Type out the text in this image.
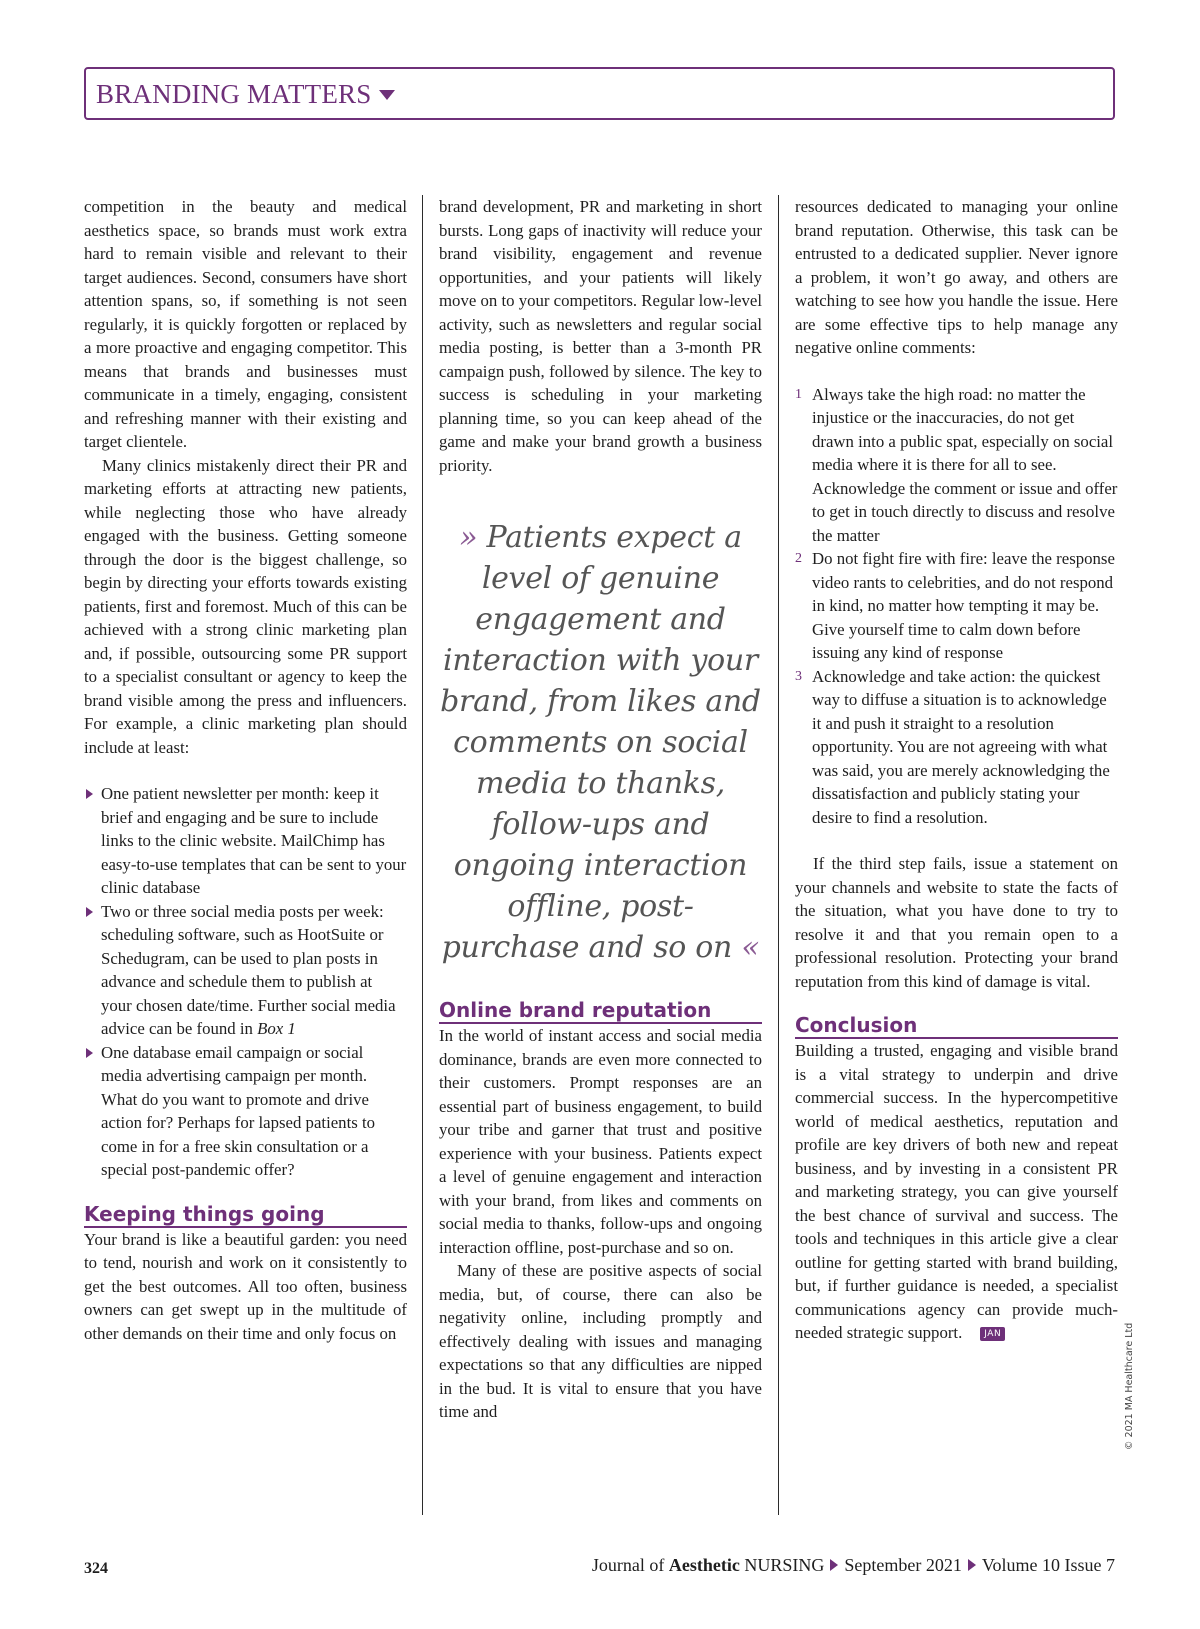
BRANDING MATTERS

competition in the beauty and medical aesthetics space, so brands must work extra hard to remain visible and relevant to their target audiences. Second, consumers have short attention spans, so, if something is not seen regularly, it is quickly forgotten or replaced by a more proactive and engaging competitor. This means that brands and businesses must communicate in a timely, engaging, consistent and refreshing manner with their existing and target clientele.

Many clinics mistakenly direct their PR and marketing efforts at attracting new patients, while neglecting those who have already engaged with the business. Getting someone through the door is the biggest challenge, so begin by directing your efforts towards existing patients, first and foremost. Much of this can be achieved with a strong clinic marketing plan and, if possible, outsourcing some PR support to a specialist consultant or agency to keep the brand visible among the press and influencers. For example, a clinic marketing plan should include at least:

One patient newsletter per month: keep it brief and engaging and be sure to include links to the clinic website. MailChimp has easy-to-use templates that can be sent to your clinic database
Two or three social media posts per week: scheduling software, such as HootSuite or Schedugram, can be used to plan posts in advance and schedule them to publish at your chosen date/time. Further social media advice can be found in Box 1
One database email campaign or social media advertising campaign per month. What do you want to promote and drive action for? Perhaps for lapsed patients to come in for a free skin consultation or a special post-pandemic offer?
Keeping things going

Your brand is like a beautiful garden: you need to tend, nourish and work on it consistently to get the best outcomes. All too often, business owners can get swept up in the multitude of other demands on their time and only focus on

brand development, PR and marketing in short bursts. Long gaps of inactivity will reduce your brand visibility, engagement and revenue opportunities, and your patients will likely move on to your competitors. Regular low-level activity, such as newsletters and regular social media posting, is better than a 3-month PR campaign push, followed by silence. The key to success is scheduling in your marketing planning time, so you can keep ahead of the game and make your brand growth a business priority.

» Patients expect a level of genuine engagement and interaction with your brand, from likes and comments on social media to thanks, follow-ups and ongoing interaction offline, post-purchase and so on «
Online brand reputation

In the world of instant access and social media dominance, brands are even more connected to their customers. Prompt responses are an essential part of business engagement, to build your tribe and garner that trust and positive experience with your business. Patients expect a level of genuine engagement and interaction with your brand, from likes and comments on social media to thanks, follow-ups and ongoing interaction offline, post-purchase and so on.

Many of these are positive aspects of social media, but, of course, there can also be negativity online, including promptly and effectively dealing with issues and managing expectations so that any difficulties are nipped in the bud. It is vital to ensure that you have time and

resources dedicated to managing your online brand reputation. Otherwise, this task can be entrusted to a dedicated supplier. Never ignore a problem, it won’t go away, and others are watching to see how you handle the issue. Here are some effective tips to help manage any negative online comments:

1 Always take the high road: no matter the injustice or the inaccuracies, do not get drawn into a public spat, especially on social media where it is there for all to see. Acknowledge the comment or issue and offer to get in touch directly to discuss and resolve the matter
2 Do not fight fire with fire: leave the response video rants to celebrities, and do not respond in kind, no matter how tempting it may be. Give yourself time to calm down before issuing any kind of response
3 Acknowledge and take action: the quickest way to diffuse a situation is to acknowledge it and push it straight to a resolution opportunity. You are not agreeing with what was said, you are merely acknowledging the dissatisfaction and publicly stating your desire to find a resolution.

If the third step fails, issue a statement on your channels and website to state the facts of the situation, what you have done to try to resolve it and that you remain open to a professional resolution. Protecting your brand reputation from this kind of damage is vital.

Conclusion

Building a trusted, engaging and visible brand is a vital strategy to underpin and drive commercial success. In the hypercompetitive world of medical aesthetics, reputation and profile are key drivers of both new and repeat business, and by investing in a consistent PR and marketing strategy, you can give yourself the best chance of survival and success. The tools and techniques in this article give a clear outline for getting started with brand building, but, if further guidance is needed, a specialist communications agency can provide much-needed strategic support. JAN	© 2021 MA Healthcare Ltd
324	Journal of Aesthetic NURSING September 2021 Volume 10 Issue 7
